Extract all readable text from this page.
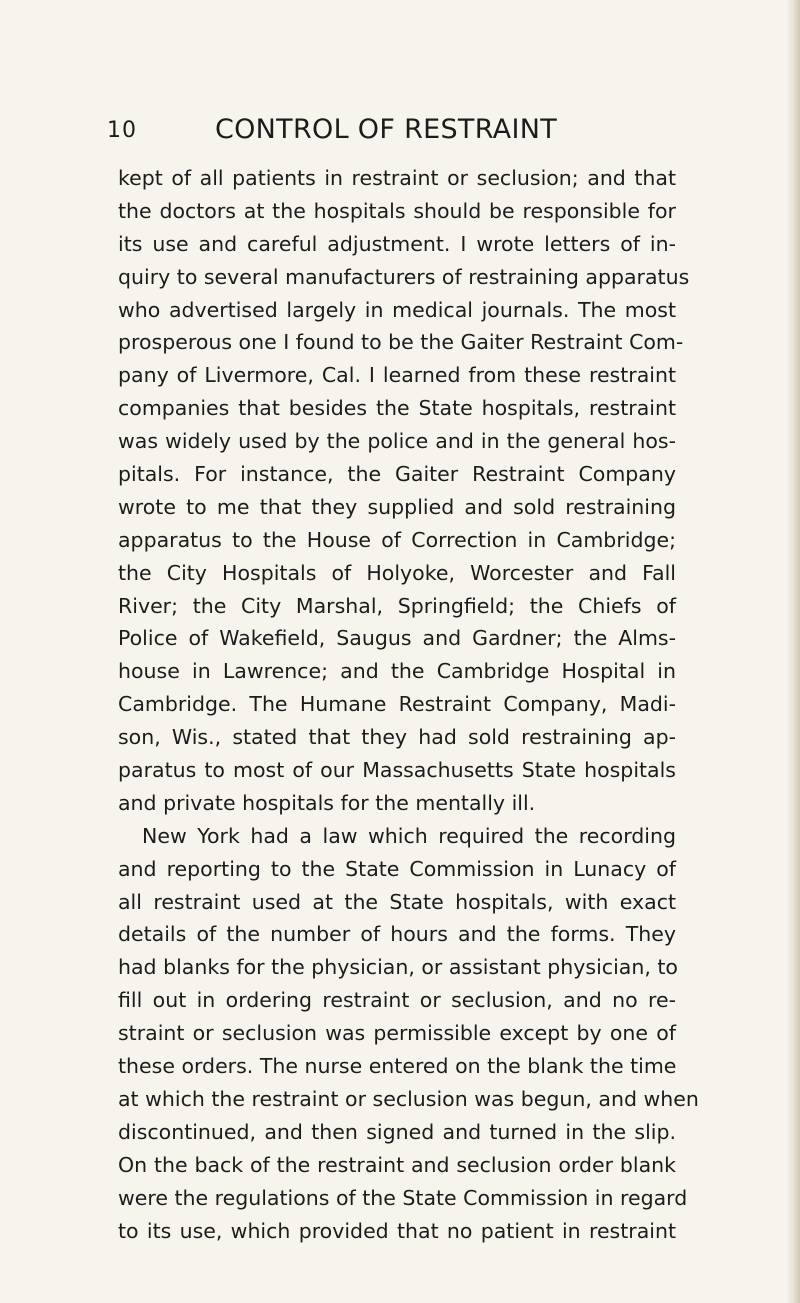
10	CONTROL OF RESTRAINT
kept of all patients in restraint or seclusion; and that
the doctors at the hospitals should be responsible for
its use and careful adjustment. I wrote letters of in-
quiry to several manufacturers of restraining apparatus
who advertised largely in medical journals. The most
prosperous one I found to be the Gaiter Restraint Com-
pany of Livermore, Cal. I learned from these restraint
companies that besides the State hospitals, restraint
was widely used by the police and in the general hos-
pitals. For instance, the Gaiter Restraint Company
wrote to me that they supplied and sold restraining
apparatus to the House of Correction in Cambridge;
the City Hospitals of Holyoke, Worcester and Fall
River; the City Marshal, Springfield; the Chiefs of
Police of Wakefield, Saugus and Gardner; the Alms-
house in Lawrence; and the Cambridge Hospital in
Cambridge. The Humane Restraint Company, Madi-
son, Wis., stated that they had sold restraining ap-
paratus to most of our Massachusetts State hospitals
and private hospitals for the mentally ill.
New York had a law which required the recording
and reporting to the State Commission in Lunacy of
all restraint used at the State hospitals, with exact
details of the number of hours and the forms. They
had blanks for the physician, or assistant physician, to
fill out in ordering restraint or seclusion, and no re-
straint or seclusion was permissible except by one of
these orders. The nurse entered on the blank the time
at which the restraint or seclusion was begun, and when
discontinued, and then signed and turned in the slip.
On the back of the restraint and seclusion order blank
were the regulations of the State Commission in regard
to its use, which provided that no patient in restraint
